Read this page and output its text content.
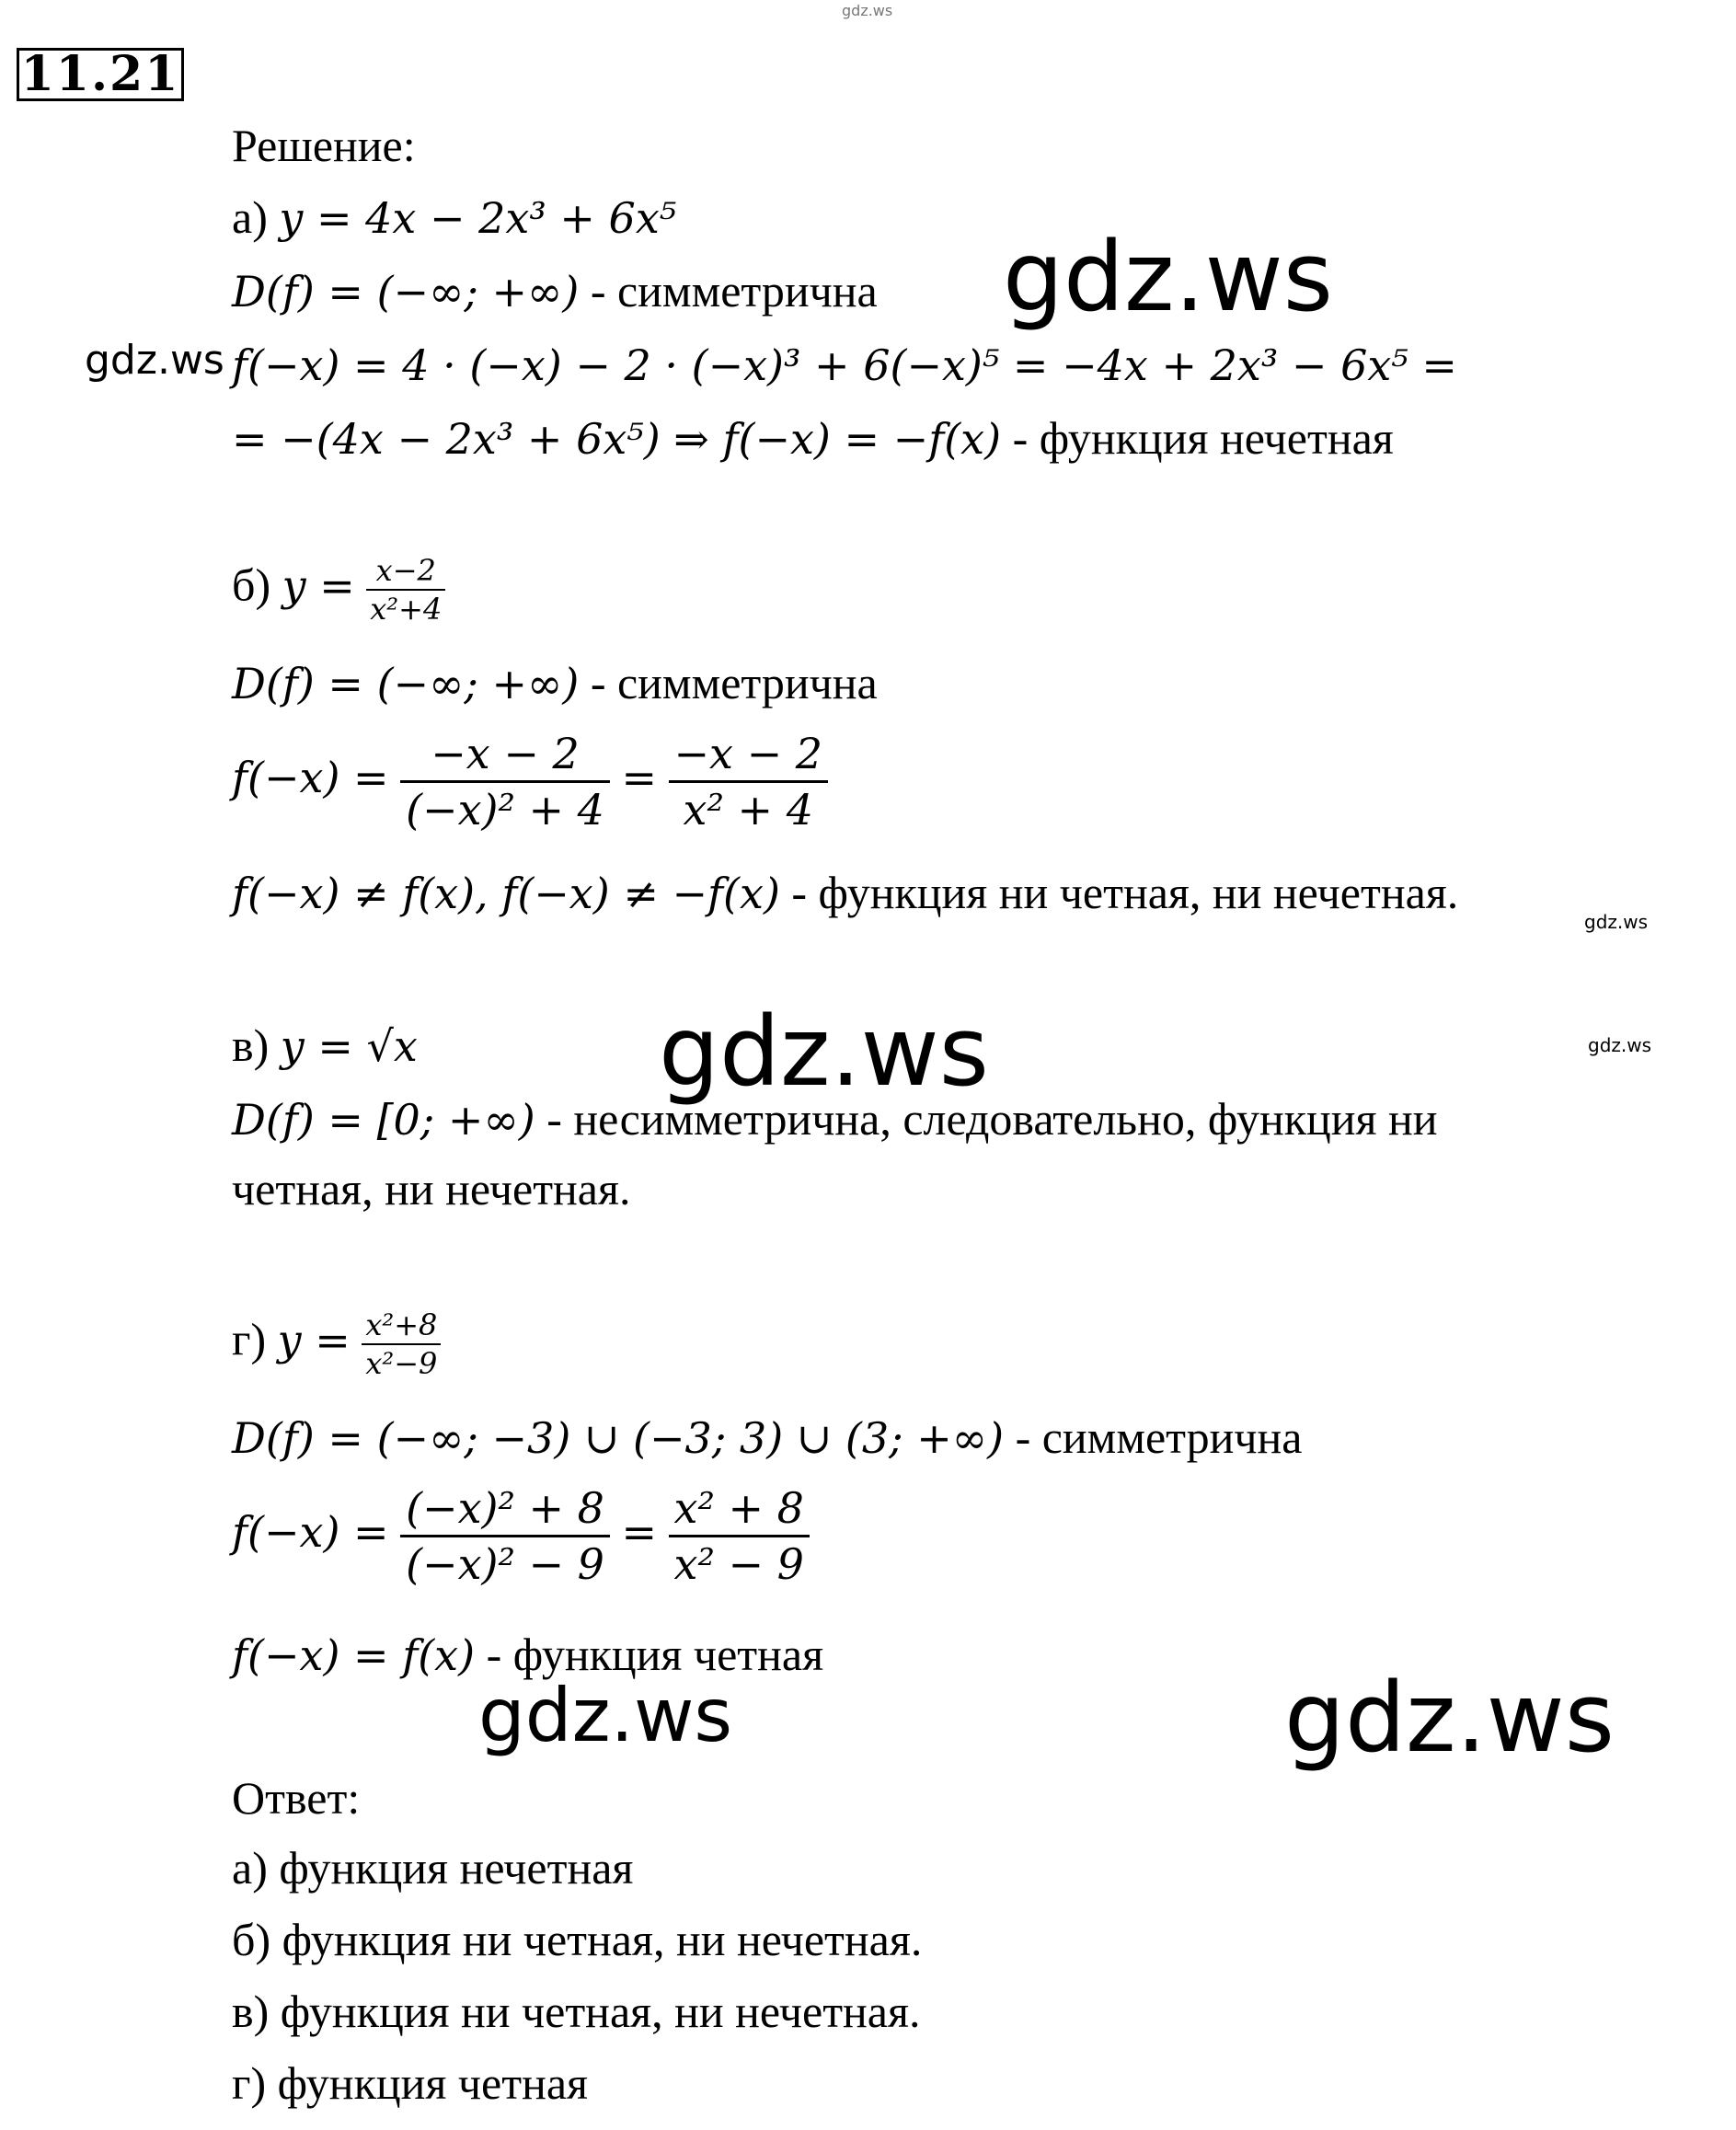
11.21
Решение:
а) y = 4x − 2x³ + 6x⁵
D(f) = (−∞; +∞) - симметрична
f(−x) = 4 · (−x) − 2 · (−x)³ + 6(−x)⁵ = −4x + 2x³ − 6x⁵ =
= −(4x − 2x³ + 6x⁵) ⇒ f(−x) = −f(x) - функция нечетная
б) $y = \frac{x-2}{\text{x²+4}}$
D(f) = (−∞; +∞) - симметрична
$f(-x) = \frac{-x - 2}{\text{(−x)² + 4}} = \frac{-x - 2}{\text{x² + 4}}$
f(−x) ≠ f(x), f(−x) ≠ −f(x) - функция ни четная, ни нечетная.
в) y = √x
D(f) = [0; +∞) - несимметрична, следовательно, функция ни
четная, ни нечетная.
г) $y = \frac{\text{x²+8}}{\text{x²−9}}$
D(f) = (−∞; −3) ∪ (−3; 3) ∪ (3; +∞) - симметрична
$f(-x) = \frac{\text{(−x)² + 8}}{\text{(−x)² − 9}} = \frac{\text{x² + 8}}{\text{x² − 9}}$
f(−x) = f(x) - функция четная
Ответ:
а) функция нечетная
б) функция ни четная, ни нечетная.
в) функция ни четная, ни нечетная.
г) функция четная
gdz.ws
gdz.ws
gdz.ws
gdz.ws
gdz.ws	gdz.ws
gdz.ws	gdz.ws
